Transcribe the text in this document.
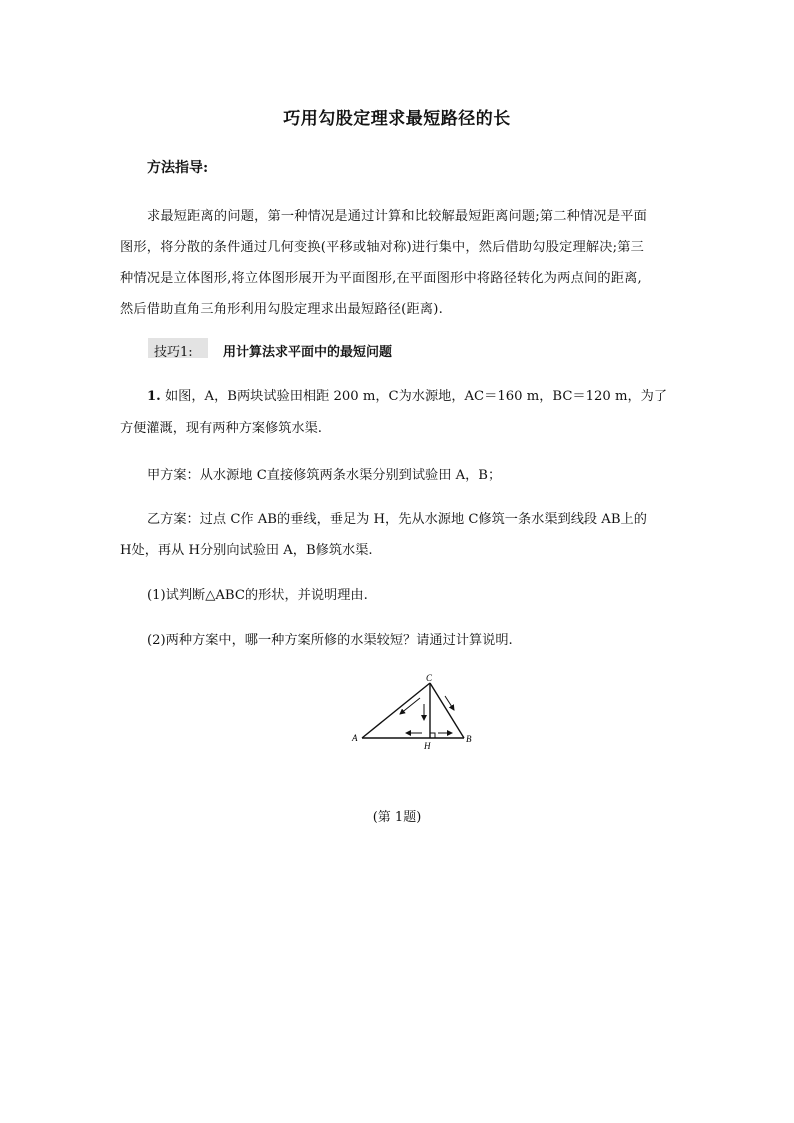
巧用勾股定理求最短路径的长
方法指导:
求最短距离的问题，第一种情况是通过计算和比较解最短距离问题;第二种情况是平面
图形，将分散的条件通过几何变换(平移或轴对称)进行集中，然后借助勾股定理解决;第三
种情况是立体图形,将立体图形展开为平面图形,在平面图形中将路径转化为两点间的距离,
然后借助直角三角形利用勾股定理求出最短路径(距离).
技巧1: 用计算法求平面中的最短问题
1. 如图，A，B两块试验田相距 200 m，C为水源地，AC＝160 m，BC＝120 m，为了
方便灌溉，现有两种方案修筑水渠.
甲方案：从水源地 C直接修筑两条水渠分别到试验田 A，B；
乙方案：过点 C作 AB的垂线，垂足为 H，先从水源地 C修筑一条水渠到线段 AB上的
H处，再从 H分别向试验田 A，B修筑水渠.
(1)试判断△ABC的形状，并说明理由.
(2)两种方案中，哪一种方案所修的水渠较短？请通过计算说明.
C
A	B
H
(第 1题)
